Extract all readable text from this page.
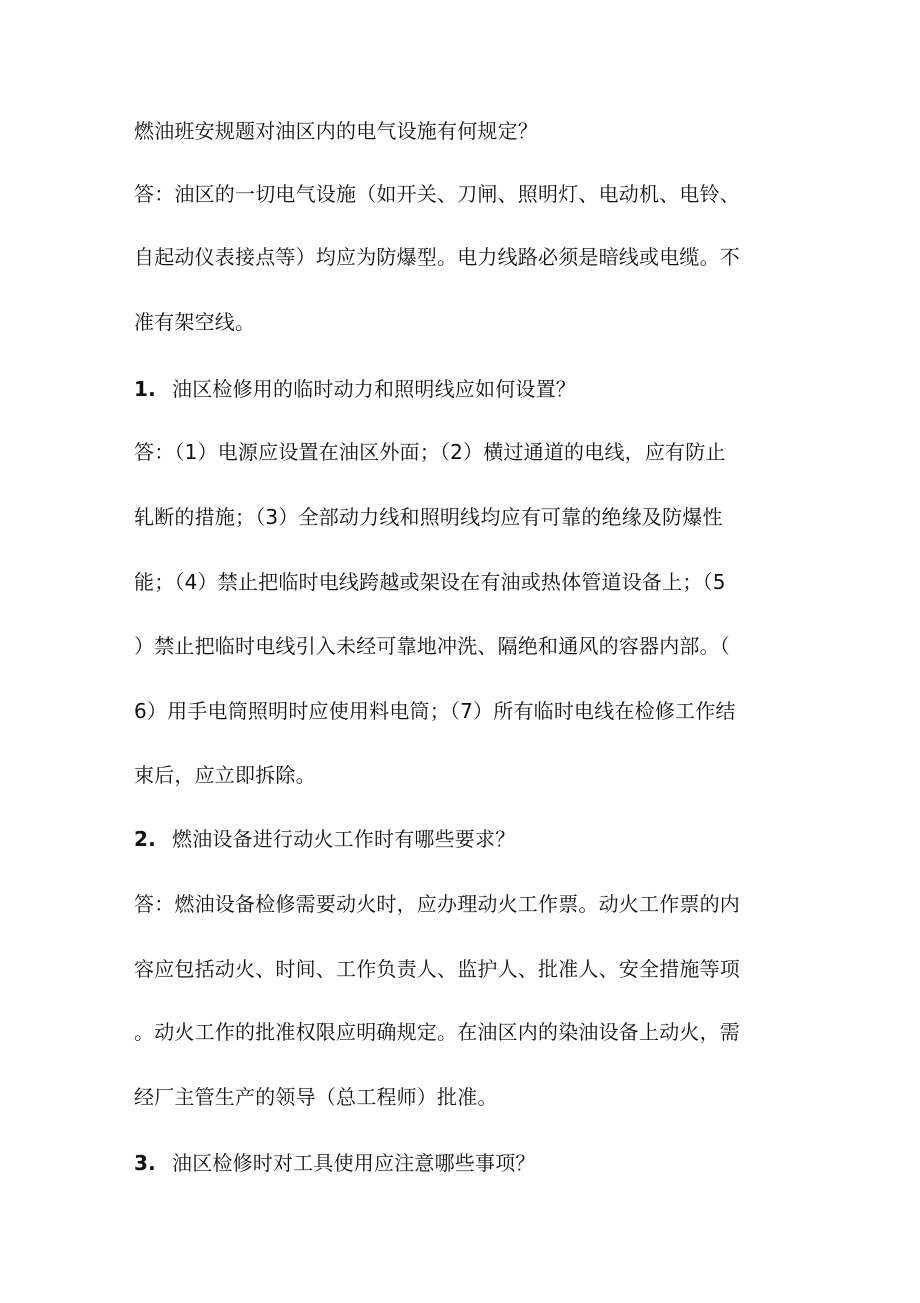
燃油班安规题对油区内的电气设施有何规定？
答：油区的一切电气设施（如开关、刀闸、照明灯、电动机、电铃、
自起动仪表接点等）均应为防爆型。电力线路必须是暗线或电缆。不
准有架空线。
1. 油区检修用的临时动力和照明线应如何设置？
答：（1）电源应设置在油区外面；（2）横过通道的电线，应有防止
轧断的措施；（3）全部动力线和照明线均应有可靠的绝缘及防爆性
能；（4）禁止把临时电线跨越或架设在有油或热体管道设备上；（5
）禁止把临时电线引入未经可靠地冲洗、隔绝和通风的容器内部。（
6）用手电筒照明时应使用料电筒；（7）所有临时电线在检修工作结
束后，应立即拆除。
2. 燃油设备进行动火工作时有哪些要求？
答：燃油设备检修需要动火时，应办理动火工作票。动火工作票的内
容应包括动火、时间、工作负责人、监护人、批准人、安全措施等项
。动火工作的批准权限应明确规定。在油区内的染油设备上动火，需
经厂主管生产的领导（总工程师）批准。
3. 油区检修时对工具使用应注意哪些事项？
